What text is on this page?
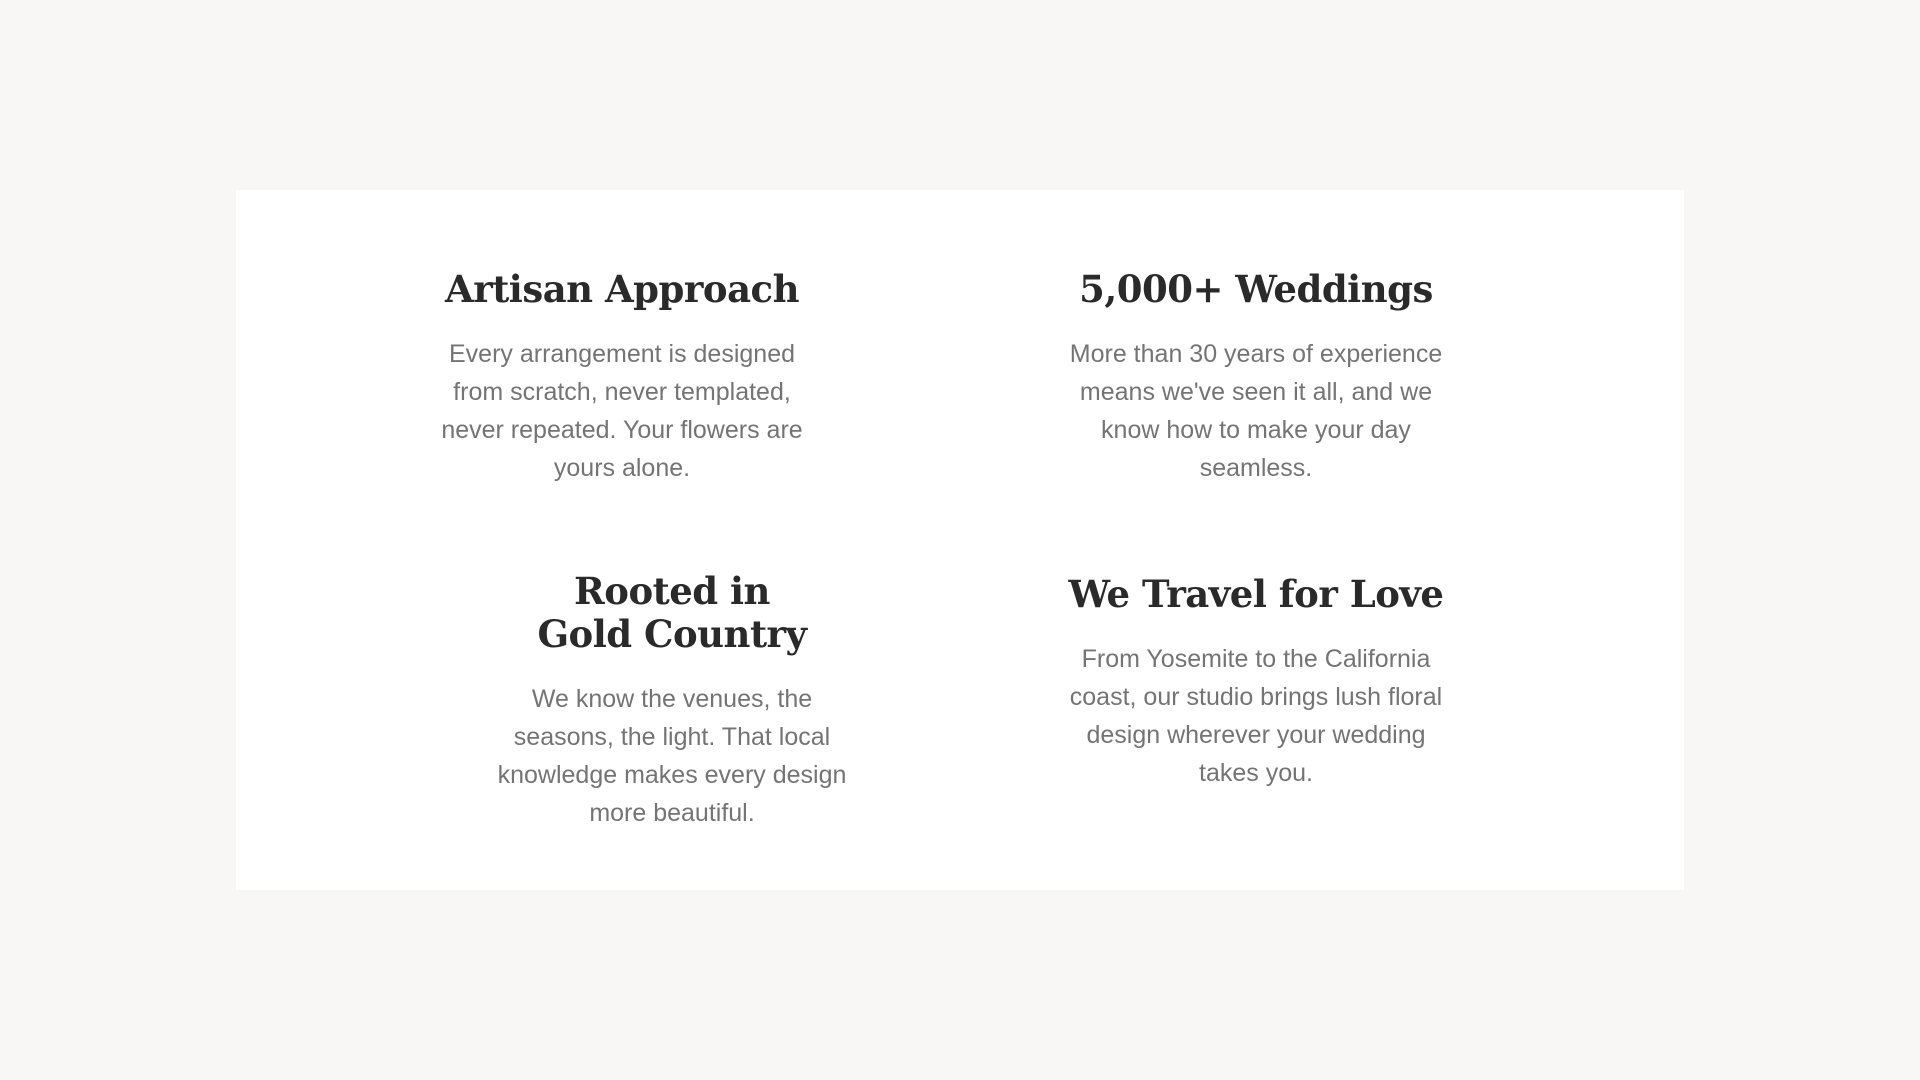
Artisan Approach

Every arrangement is designed from scratch, never templated, never repeated. Your flowers are yours alone.

5,000+ Weddings

More than 30 years of experience means we've seen it all, and we know how to make your day seamless.

Rooted in Gold Country

We know the venues, the seasons, the light. That local knowledge makes every design more beautiful.

We Travel for Love

From Yosemite to the California coast, our studio brings lush floral design wherever your wedding takes you.
